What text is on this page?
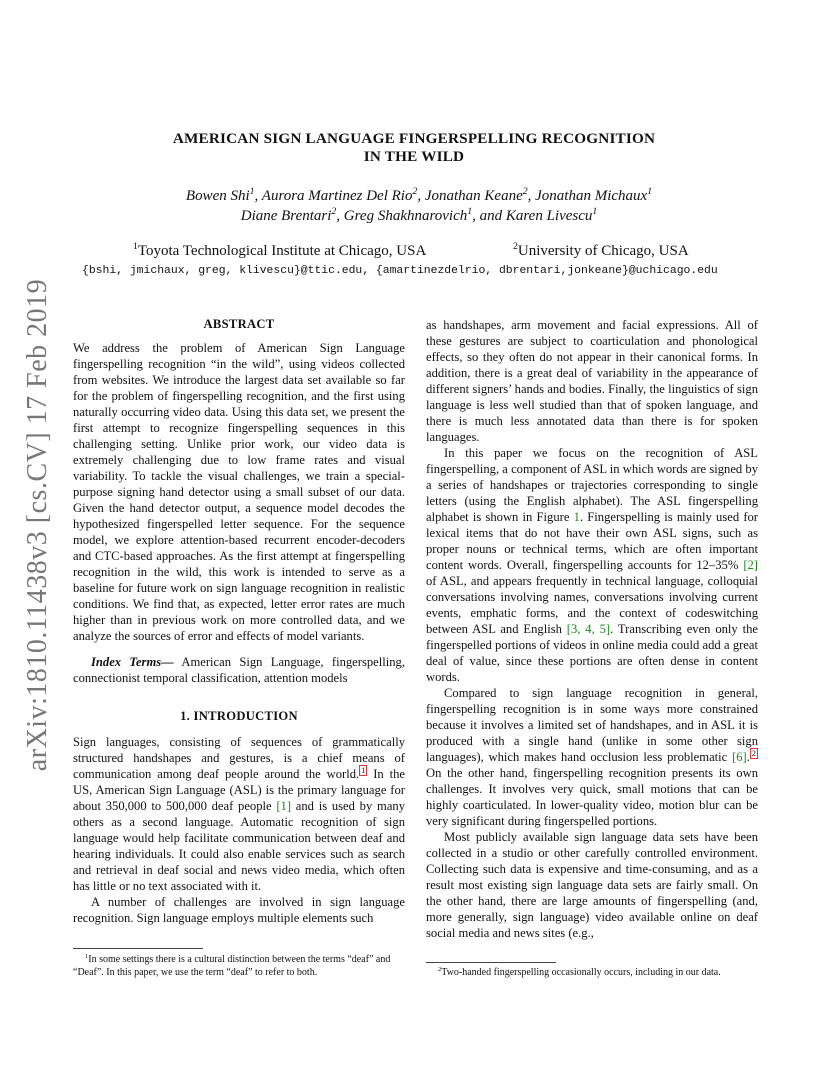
arXiv:1810.11438v3 [cs.CV] 17 Feb 2019
AMERICAN SIGN LANGUAGE FINGERSPELLING RECOGNITION
IN THE WILD
Bowen Shi$^1$, Aurora Martinez Del Rio$^2$, Jonathan Keane$^2$, Jonathan Michaux$^1$
Diane Brentari$^2$, Greg Shakhnarovich$^1$, and Karen Livescu$^1$
$^1$Toyota Technological Institute at Chicago, USA	$^2$University of Chicago, USA
{bshi, jmichaux, greg, klivescu}@ttic.edu, {amartinezdelrio, dbrentari,jonkeane}@uchicago.edu
ABSTRACT

We address the problem of American Sign Language fingerspelling recognition “in the wild”, using videos collected from websites. We introduce the largest data set available so far for the problem of fingerspelling recognition, and the first using naturally occurring video data. Using this data set, we present the first attempt to recognize fingerspelling sequences in this challenging setting. Unlike prior work, our video data is extremely challenging due to low frame rates and visual variability. To tackle the visual challenges, we train a special-purpose signing hand detector using a small subset of our data. Given the hand detector output, a sequence model decodes the hypothesized fingerspelled letter sequence. For the sequence model, we explore attention-based recurrent encoder-decoders and CTC-based approaches. As the first attempt at fingerspelling recognition in the wild, this work is intended to serve as a baseline for future work on sign language recognition in realistic conditions. We find that, as expected, letter error rates are much higher than in previous work on more controlled data, and we analyze the sources of error and effects of model variants.

Index Terms— American Sign Language, fingerspelling, connectionist temporal classification, attention models

1. INTRODUCTION

Sign languages, consisting of sequences of grammatically structured handshapes and gestures, is a chief means of communication among deaf people around the world. $^1$ In the US, American Sign Language (ASL) is the primary language for about 350,000 to 500,000 deaf people [1] and is used by many others as a second language. Automatic recognition of sign language would help facilitate communication between deaf and hearing individuals. It could also enable services such as search and retrieval in deaf social and news video media, which often has little or no text associated with it.

A number of challenges are involved in sign language recognition. Sign language employs multiple elements such

$^1$In some settings there is a cultural distinction between the terms “deaf” and “Deaf”. In this paper, we use the term “deaf” to refer to both.

as handshapes, arm movement and facial expressions. All of these gestures are subject to coarticulation and phonological effects, so they often do not appear in their canonical forms. In addition, there is a great deal of variability in the appearance of different signers’ hands and bodies. Finally, the linguistics of sign language is less well studied than that of spoken language, and there is much less annotated data than there is for spoken languages.

In this paper we focus on the recognition of ASL fingerspelling, a component of ASL in which words are signed by a series of handshapes or trajectories corresponding to single letters (using the English alphabet). The ASL fingerspelling alphabet is shown in Figure 1. Fingerspelling is mainly used for lexical items that do not have their own ASL signs, such as proper nouns or technical terms, which are often important content words. Overall, fingerspelling accounts for 12–35% [2] of ASL, and appears frequently in technical language, colloquial conversations involving names, conversations involving current events, emphatic forms, and the context of codeswitching between ASL and English [3, 4, 5]. Transcribing even only the fingerspelled portions of videos in online media could add a great deal of value, since these portions are often dense in content words.

Compared to sign language recognition in general, fingerspelling recognition is in some ways more constrained because it involves a limited set of handshapes, and in ASL it is produced with a single hand (unlike in some other sign languages), which makes hand occlusion less problematic [6]. $^2$ On the other hand, fingerspelling recognition presents its own challenges. It involves very quick, small motions that can be highly coarticulated. In lower-quality video, motion blur can be very significant during fingerspelled portions.

Most publicly available sign language data sets have been collected in a studio or other carefully controlled environment. Collecting such data is expensive and time-consuming, and as a result most existing sign language data sets are fairly small. On the other hand, there are large amounts of fingerspelling (and, more generally, sign language) video available online on deaf social media and news sites (e.g.,

$^2$Two-handed fingerspelling occasionally occurs, including in our data.
